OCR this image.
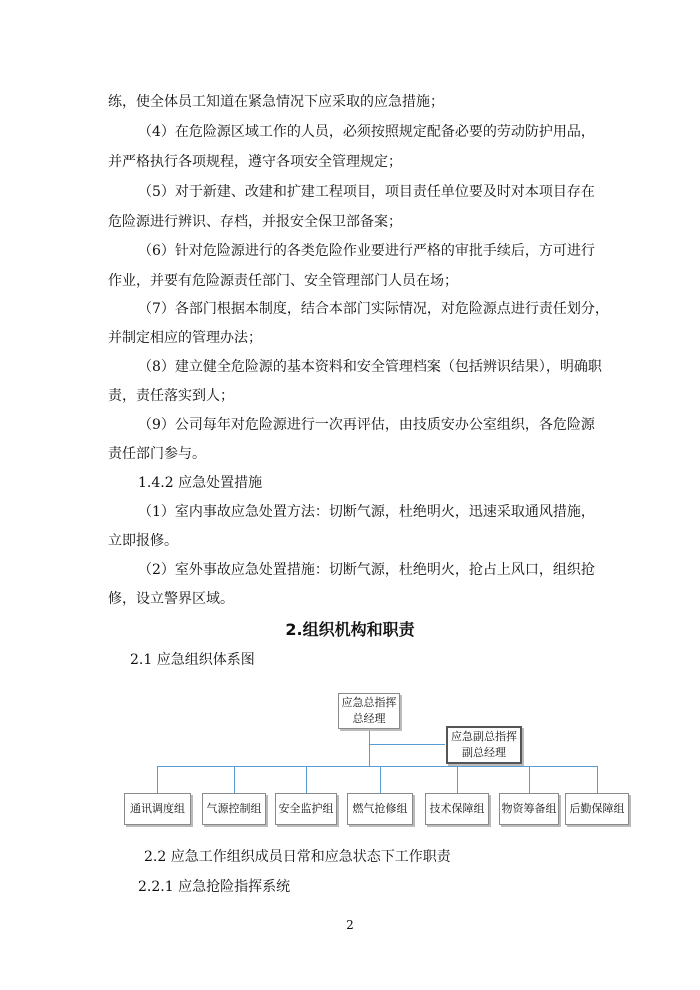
练，使全体员工知道在紧急情况下应采取的应急措施；
（4）在危险源区域工作的人员，必须按照规定配备必要的劳动防护用品，
并严格执行各项规程，遵守各项安全管理规定；
（5）对于新建、改建和扩建工程项目，项目责任单位要及时对本项目存在
危险源进行辨识、存档，并报安全保卫部备案；
（6）针对危险源进行的各类危险作业要进行严格的审批手续后，方可进行
作业，并要有危险源责任部门、安全管理部门人员在场；
（7）各部门根据本制度，结合本部门实际情况，对危险源点进行责任划分，
并制定相应的管理办法；
（8）建立健全危险源的基本资料和安全管理档案（包括辨识结果），明确职
责，责任落实到人；
（9）公司每年对危险源进行一次再评估，由技质安办公室组织，各危险源
责任部门参与。
1.4.2 应急处置措施
（1）室内事故应急处置方法：切断气源，杜绝明火，迅速采取通风措施，
立即报修。
（2）室外事故应急处置措施：切断气源，杜绝明火，抢占上风口，组织抢
修，设立警界区域。
2.组织机构和职责
2.1 应急组织体系图
应急总指挥
总经理
应急副总指挥
副总经理
通讯调度组 气源控制组 安全监护组 燃气抢修组 技术保障组 物资筹备组 后勤保障组
2.2 应急工作组织成员日常和应急状态下工作职责
2.2.1 应急抢险指挥系统
2
